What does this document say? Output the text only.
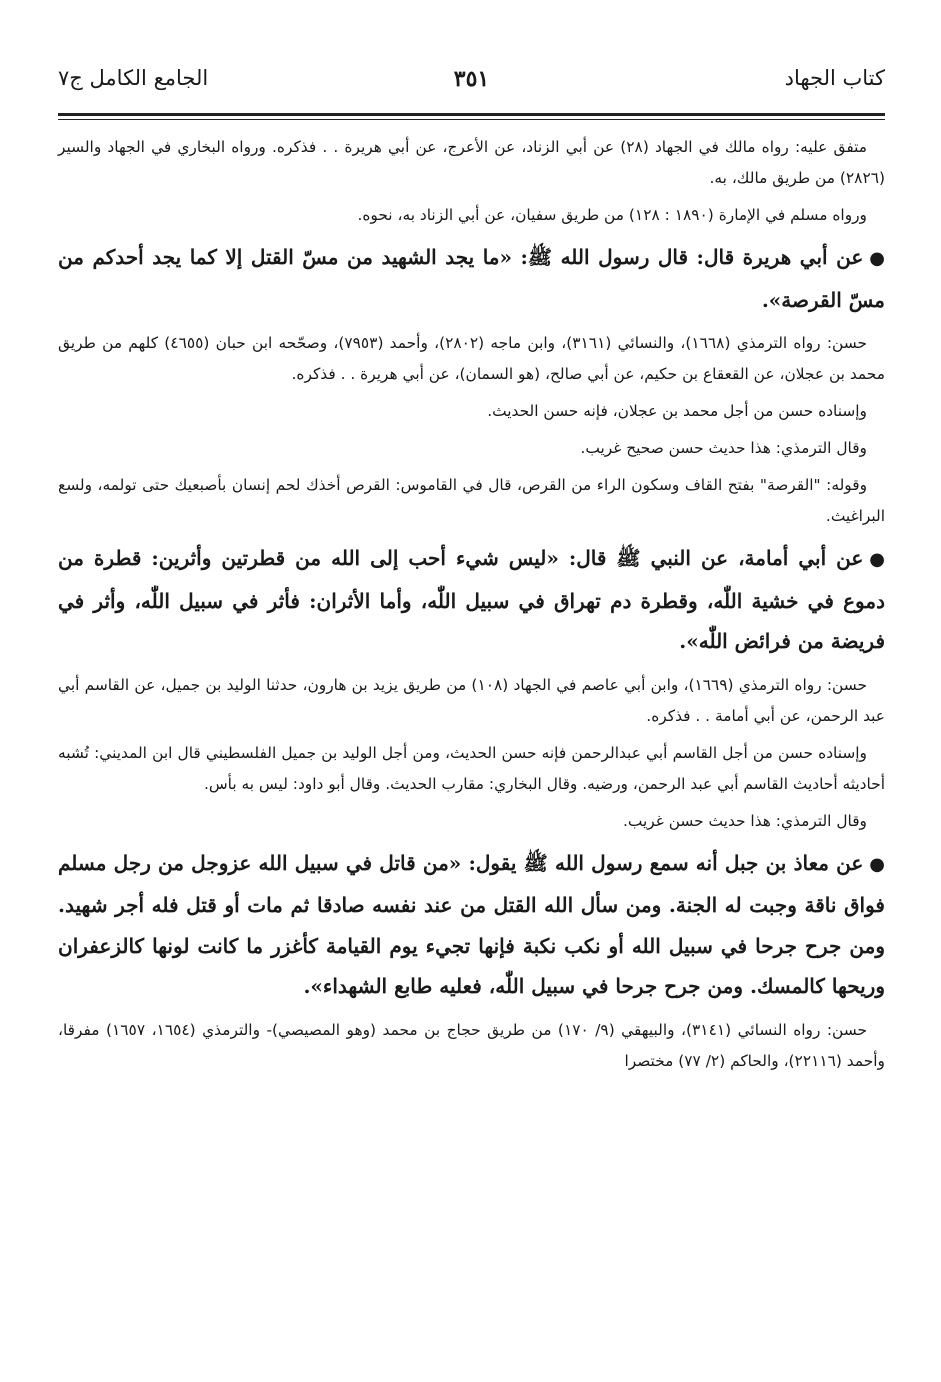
كتاب الجهاد
٣٥١
الجامع الكامل ج٧

متفق عليه: رواه مالك في الجهاد (٢٨) عن أبي الزناد، عن الأعرج، عن أبي هريرة . . فذكره. ورواه البخاري في الجهاد والسير (٢٨٢٦) من طريق مالك، به.

ورواه مسلم في الإمارة (١٨٩٠ : ١٢٨) من طريق سفيان، عن أبي الزناد به، نحوه.

●عن أبي هريرة قال: قال رسول الله ﷺ: «ما يجد الشهيد من مسّ القتل إلا كما يجد أحدكم من مسّ القرصة».

حسن: رواه الترمذي (١٦٦٨)، والنسائي (٣١٦١)، وابن ماجه (٢٨٠٢)، وأحمد (٧٩٥٣)، وصحّحه ابن حبان (٤٦٥٥) كلهم من طريق محمد بن عجلان، عن القعقاع بن حكيم، عن أبي صالح، (هو السمان)، عن أبي هريرة . . فذكره.

وإسناده حسن من أجل محمد بن عجلان، فإنه حسن الحديث.

وقال الترمذي: هذا حديث حسن صحيح غريب.

وقوله: "القرصة" بفتح القاف وسكون الراء من القرص، قال في القاموس: القرص أخذك لحم إنسان بأصبعيك حتى تولمه، ولسع البراغيث.

●عن أبي أمامة، عن النبي ﷺ قال: «ليس شيء أحب إلى الله من قطرتين وأثرين: قطرة من دموع في خشية اللّٰه، وقطرة دم تهراق في سبيل اللّٰه، وأما الأثران: فأثر في سبيل اللّٰه، وأثر في فريضة من فرائض اللّٰه».

حسن: رواه الترمذي (١٦٦٩)، وابن أبي عاصم في الجهاد (١٠٨) من طريق يزيد بن هارون، حدثنا الوليد بن جميل، عن القاسم أبي عبد الرحمن، عن أبي أمامة . . فذكره.

وإسناده حسن من أجل القاسم أبي عبدالرحمن فإنه حسن الحديث، ومن أجل الوليد بن جميل الفلسطيني قال ابن المديني: تُشبه أحاديثه أحاديث القاسم أبي عبد الرحمن، ورضيه. وقال البخاري: مقارب الحديث. وقال أبو داود: ليس به بأس.

وقال الترمذي: هذا حديث حسن غريب.

●عن معاذ بن جبل أنه سمع رسول الله ﷺ يقول: «من قاتل في سبيل الله عزوجل من رجل مسلم فواق ناقة وجبت له الجنة. ومن سأل الله القتل من عند نفسه صادقا ثم مات أو قتل فله أجر شهيد. ومن جرح جرحا في سبيل الله أو نكب نكبة فإنها تجيء يوم القيامة كأغزر ما كانت لونها كالزعفران وريحها كالمسك. ومن جرح جرحا في سبيل اللّٰه، فعليه طابع الشهداء».

حسن: رواه النسائي (٣١٤١)، والبيهقي (٩/ ١٧٠) من طريق حجاج بن محمد (وهو المصيصي)- والترمذي (١٦٥٤، ١٦٥٧) مفرقا، وأحمد (٢٢١١٦)، والحاكم (٢/ ٧٧) مختصرا
